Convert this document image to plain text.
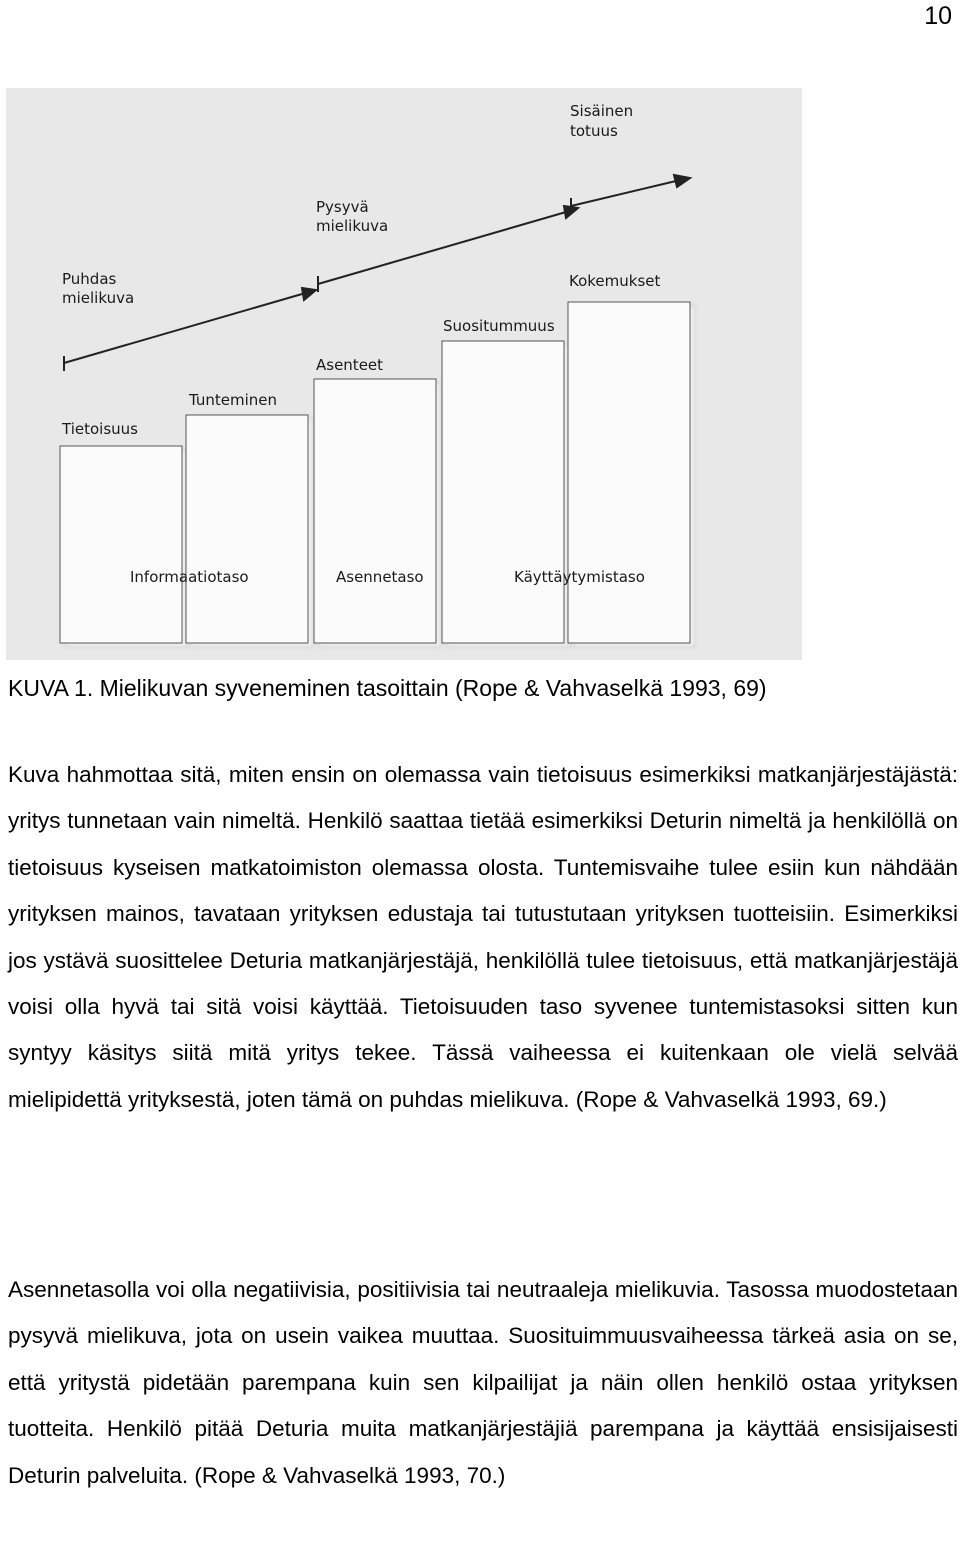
10
Puhdas
mielikuva
Pysyvä
mielikuva
Sisäinen
totuus
Tietoisuus
Tunteminen
Asenteet
Suositummuus
Kokemukset
Informaatiotaso	Asennetaso	Käyttäytymistaso
KUVA 1. Mielikuvan syveneminen tasoittain (Rope & Vahvaselkä 1993, 69)

Kuva hahmottaa sitä, miten ensin on olemassa vain tietoisuus esimerkiksi matkanjärjestäjästä: yritys tunnetaan vain nimeltä. Henkilö saattaa tietää esimerkiksi Deturin nimeltä ja henkilöllä on tietoisuus kyseisen matkatoimiston olemassa olosta. Tuntemisvaihe tulee esiin kun nähdään yrityksen mainos, tavataan yrityksen edustaja tai tutustutaan yrityksen tuotteisiin. Esimerkiksi jos ystävä suosittelee Deturia matkanjärjestäjä, henkilöllä tulee tietoisuus, että matkanjärjestäjä voisi olla hyvä tai sitä voisi käyttää. Tietoisuuden taso syvenee tuntemistasoksi sitten kun syntyy käsitys siitä mitä yritys tekee. Tässä vaiheessa ei kuitenkaan ole vielä selvää mielipidettä yrityksestä, joten tämä on puhdas mielikuva. (Rope & Vahvaselkä 1993, 69.)

Asennetasolla voi olla negatiivisia, positiivisia tai neutraaleja mielikuvia. Tasossa muodostetaan pysyvä mielikuva, jota on usein vaikea muuttaa. Suosituimmuusvaiheessa tärkeä asia on se, että yritystä pidetään parempana kuin sen kilpailijat ja näin ollen henkilö ostaa yrityksen tuotteita. Henkilö pitää Deturia muita matkanjärjestäjiä parempana ja käyttää ensisijaisesti Deturin palveluita. (Rope & Vahvaselkä 1993, 70.)
